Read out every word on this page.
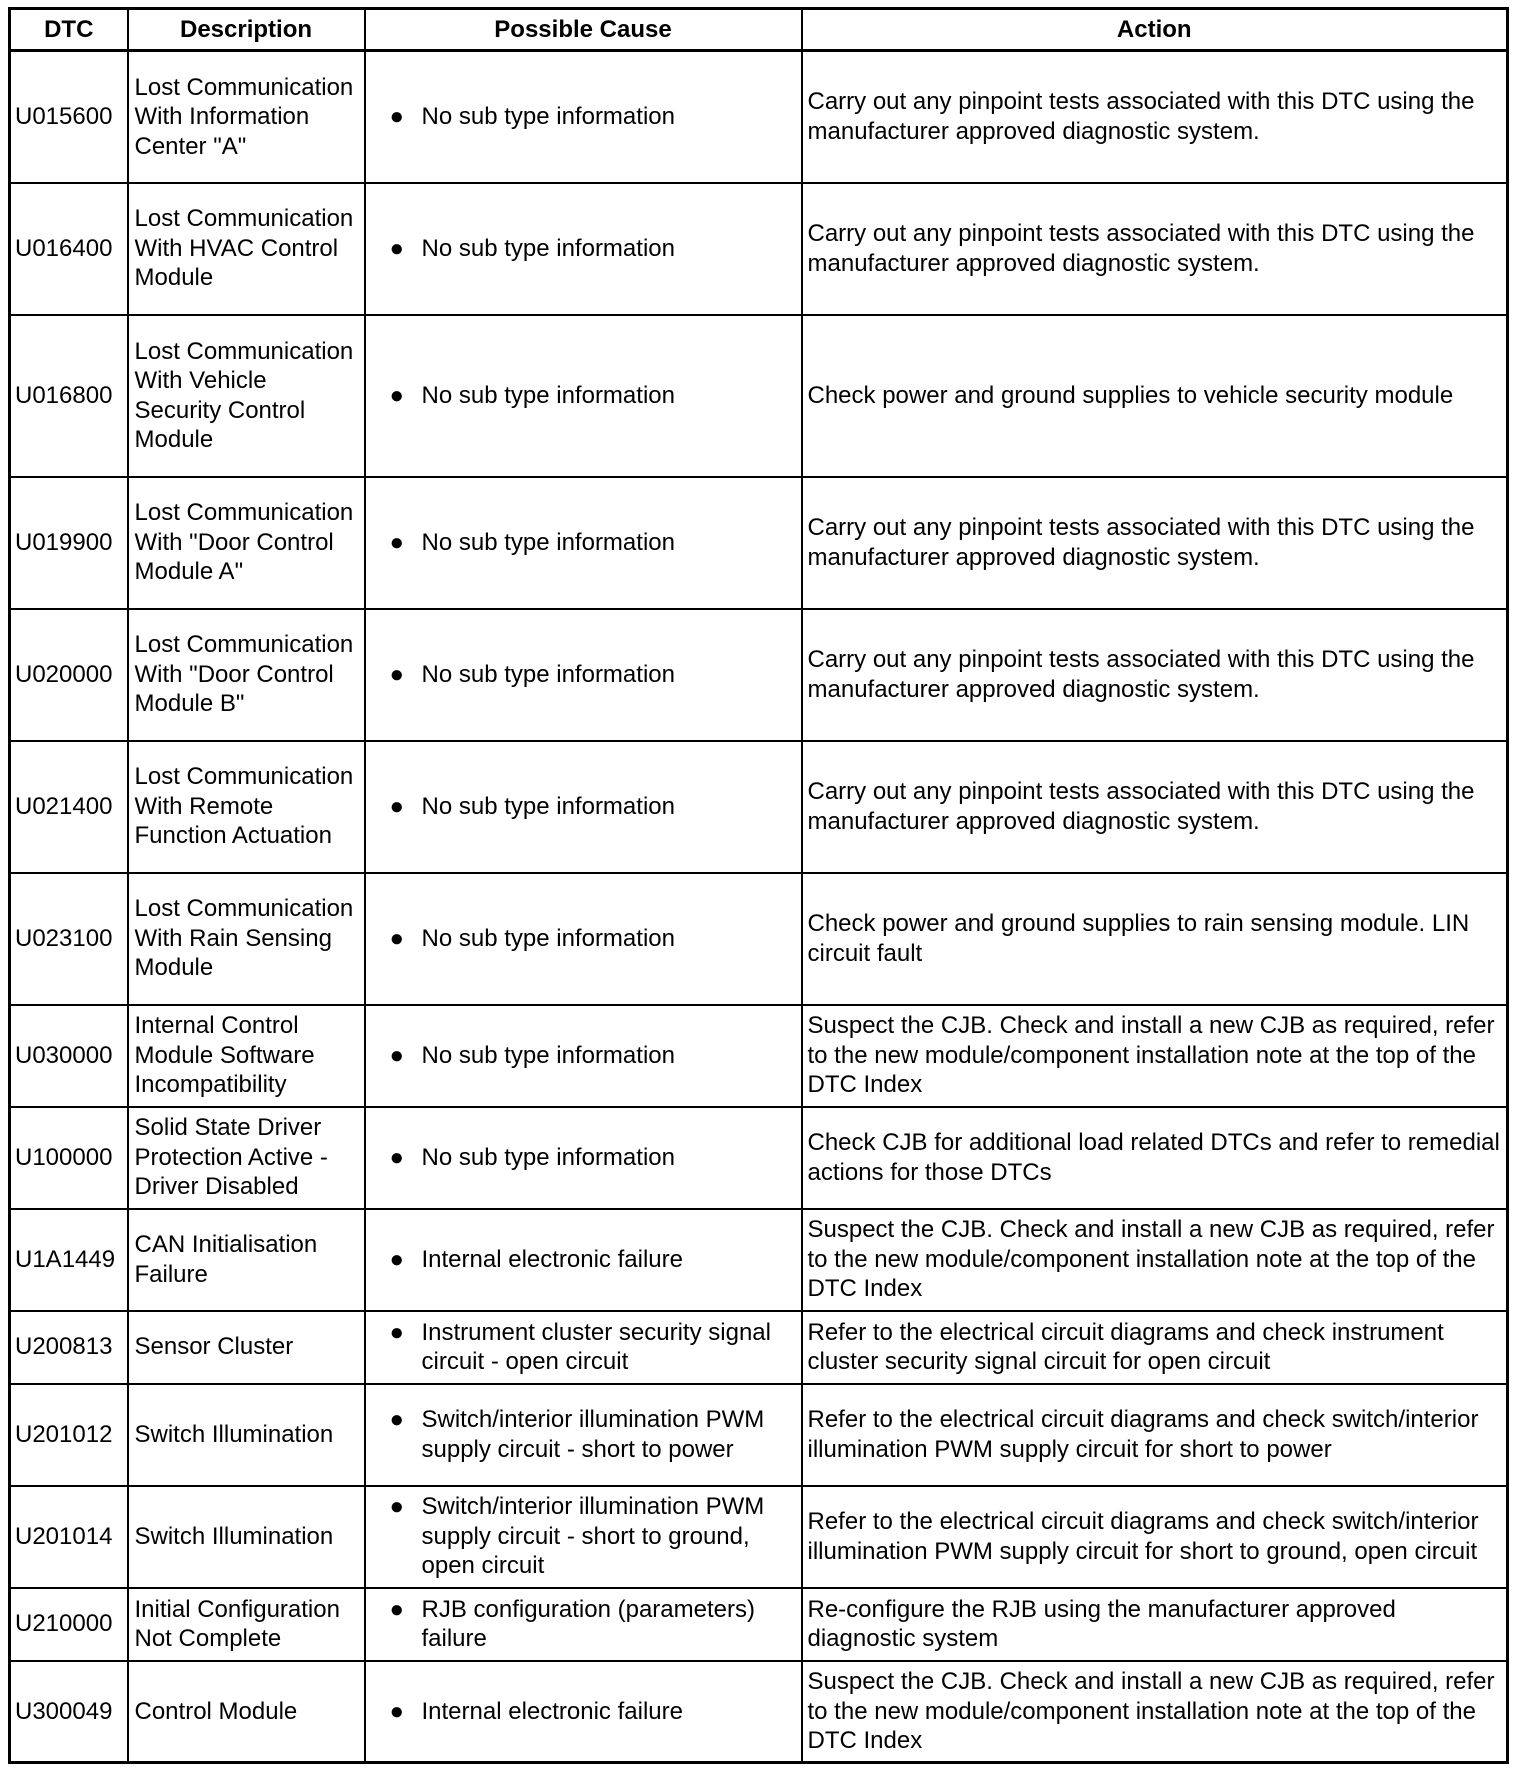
DTC	Description	Possible Cause	Action
U015600	Lost Communication With Information Center "A"	● No sub type information	Carry out any pinpoint tests associated with this DTC using the manufacturer approved diagnostic system.
U016400	Lost Communication With HVAC Control Module	● No sub type information	Carry out any pinpoint tests associated with this DTC using the manufacturer approved diagnostic system.
U016800	Lost Communication With Vehicle Security Control Module	● No sub type information	Check power and ground supplies to vehicle security module
U019900	Lost Communication With "Door Control Module A"	● No sub type information	Carry out any pinpoint tests associated with this DTC using the manufacturer approved diagnostic system.
U020000	Lost Communication With "Door Control Module B"	● No sub type information	Carry out any pinpoint tests associated with this DTC using the manufacturer approved diagnostic system.
U021400	Lost Communication With Remote Function Actuation	● No sub type information	Carry out any pinpoint tests associated with this DTC using the manufacturer approved diagnostic system.
U023100	Lost Communication With Rain Sensing Module	● No sub type information	Check power and ground supplies to rain sensing module. LIN circuit fault
U030000	Internal Control Module Software Incompatibility	● No sub type information	Suspect the CJB. Check and install a new CJB as required, refer to the new module/component installation note at the top of the DTC Index
U100000	Solid State Driver Protection Active - Driver Disabled	● No sub type information	Check CJB for additional load related DTCs and refer to remedial actions for those DTCs
U1A1449	CAN Initialisation Failure	● Internal electronic failure	Suspect the CJB. Check and install a new CJB as required, refer to the new module/component installation note at the top of the DTC Index
U200813	Sensor Cluster	● Instrument cluster security signal circuit - open circuit	Refer to the electrical circuit diagrams and check instrument cluster security signal circuit for open circuit
U201012	Switch Illumination	● Switch/interior illumination PWM supply circuit - short to power	Refer to the electrical circuit diagrams and check switch/interior illumination PWM supply circuit for short to power
U201014	Switch Illumination	● Switch/interior illumination PWM supply circuit - short to ground, open circuit	Refer to the electrical circuit diagrams and check switch/interior illumination PWM supply circuit for short to ground, open circuit
U210000	Initial Configuration Not Complete	● RJB configuration (parameters) failure	Re-configure the RJB using the manufacturer approved diagnostic system
U300049	Control Module	● Internal electronic failure	Suspect the CJB. Check and install a new CJB as required, refer to the new module/component installation note at the top of the DTC Index
